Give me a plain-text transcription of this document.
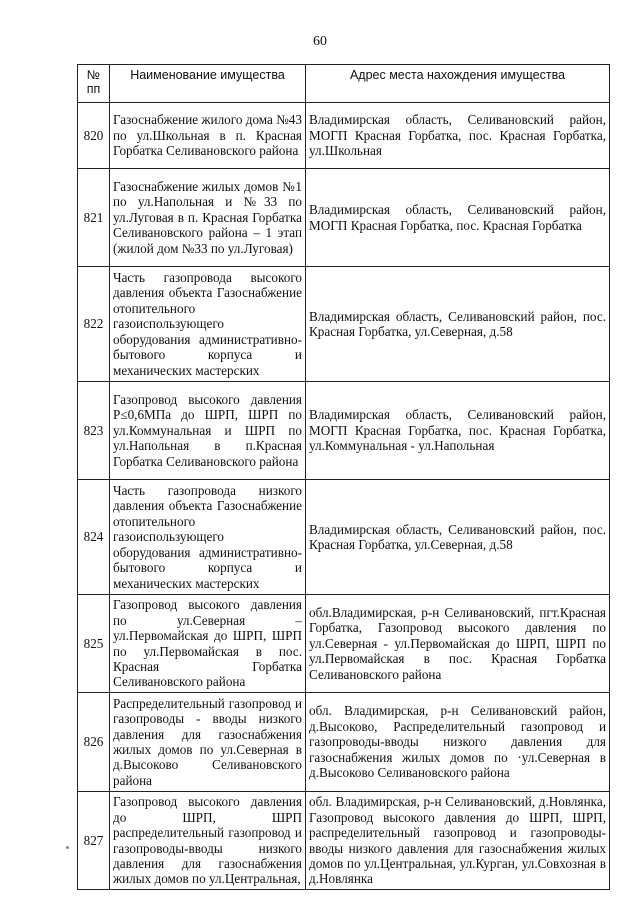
60
№
пп	Наименование имущества	Адрес места нахождения имущества
820	Газоснабжение жилого дома №43 по ул.Школьная в п. Красная Горбатка Селивановского района	Владимирская область, Селивановский район, МОГП Красная Горбатка, пос. Красная Горбатка, ул.Школьная
821	Газоснабжение жилых домов №1 по ул.Напольная и №33 по ул.Луговая в п. Красная Горбатка Селивановского района – 1 этап (жилой дом №33 по ул.Луговая)	Владимирская область, Селивановский район, МОГП Красная Горбатка, пос. Красная Горбатка
822	Часть газопровода высокого давления объекта Газоснабжение отопительного газоиспользующего оборудования административно-бытового корпуса и механических мастерских	Владимирская область, Селивановский район, пос. Красная Горбатка, ул.Северная, д.58
823	Газопровод высокого давления Р≤0,6МПа до ШРП, ШРП по ул.Коммунальная и ШРП по ул.Напольная в п.Красная Горбатка Селивановского района	Владимирская область, Селивановский район, МОГП Красная Горбатка, пос. Красная Горбатка, ул.Коммунальная - ул.Напольная
824	Часть газопровода низкого давления объекта Газоснабжение отопительного газоиспользующего оборудования административно-бытового корпуса и механических мастерских	Владимирская область, Селивановский район, пос. Красная Горбатка, ул.Северная, д.58
825	Газопровод высокого давления по ул.Северная – ул.Первомайская до ШРП, ШРП по ул.Первомайская в пос. Красная Горбатка Селивановского района	обл.Владимирская, р-н Селивановский, пгт.Красная Горбатка, Газопровод высокого давления по ул.Северная - ул.Первомайская до ШРП, ШРП по ул.Первомайская в пос. Красная Горбатка Селивановского района
826	Распределительный газопровод и газопроводы - вводы низкого давления для газоснабжения жилых домов по ул.Северная в д.Высоково Селивановского района	обл. Владимирская, р-н Селивановский район, д.Высоково, Распределительный газопровод и газопроводы-вводы низкого давления для газоснабжения жилых домов по ·ул.Северная в д.Высоково Селивановского района
827	Газопровод высокого давления до ШРП, ШРП распределительный газопровод и газопроводы-вводы низкого давления для газоснабжения жилых домов по ул.Центральная,	обл. Владимирская, р-н Селивановский, д.Новлянка, Газопровод высокого давления до ШРП, ШРП, распределительный газопровод и газопроводы-вводы низкого давления для газоснабжения жилых домов по ул.Центральная, ул.Курган, ул.Совхозная в д.Новлянка
